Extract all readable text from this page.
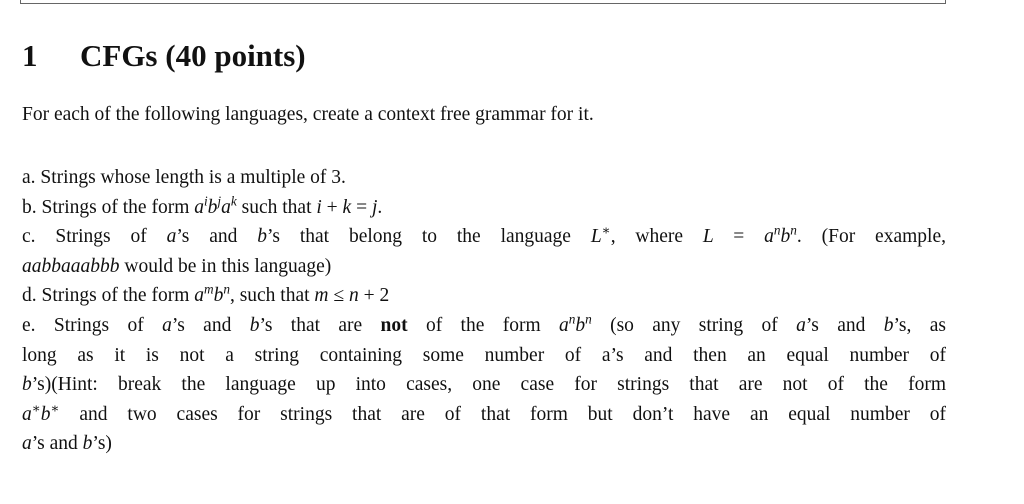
1 CFGs (40 points)
For each of the following languages, create a context free grammar for it.
a. Strings whose length is a multiple of 3.
b. Strings of the form $a^ib^ja^k$ such that i + k = j.
c. Strings of a’s and b’s that belong to the language L∗, where $L = a^nb^n$. (For example,
aabbaaabbb would be in this language)
d. Strings of the form $a^mb^n$, such that m ≤ n + 2
e. Strings of a’s and b’s that are not of the form $a^nb^n$ (so any string of a’s and b’s, as
long as it is not a string containing some number of a’s and then an equal number of
b’s)(Hint: break the language up into cases, one case for strings that are not of the form
a∗b∗ and two cases for strings that are of that form but don’t have an equal number of
a’s and b’s)
